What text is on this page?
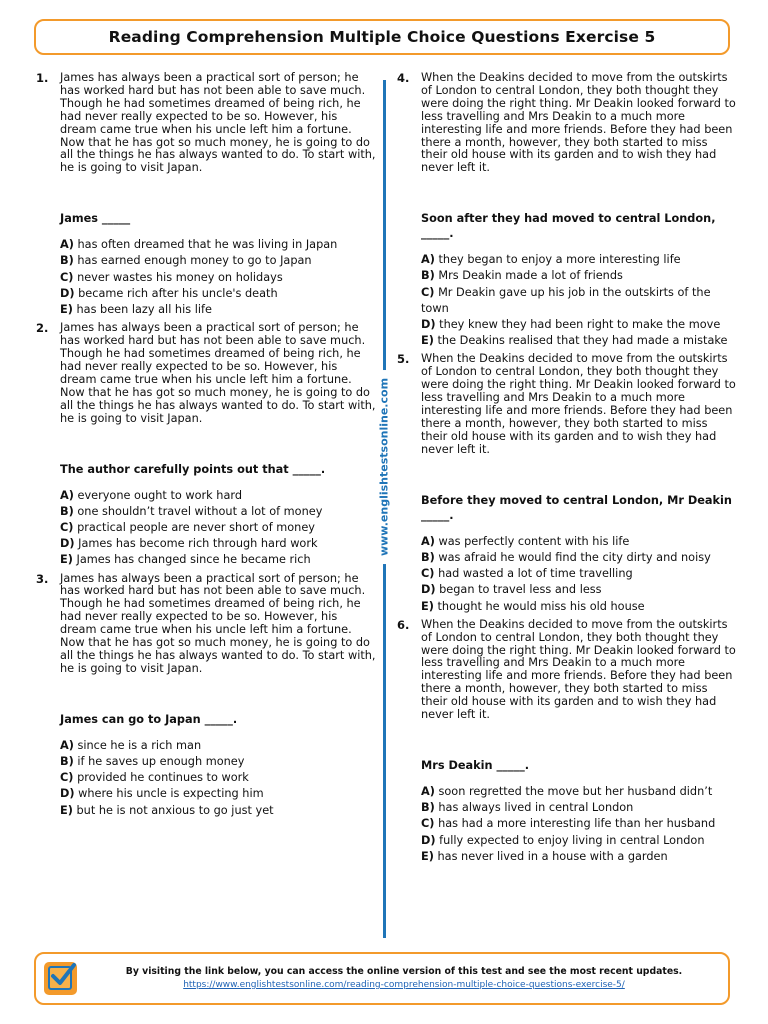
Reading Comprehension Multiple Choice Questions Exercise 5
www.englishtestsonline.com
1. James has always been a practical sort of person; he has worked hard but has not been able to save much. Though he had sometimes dreamed of being rich, he had never really expected to be so. However, his dream came true when his uncle left him a fortune. Now that he has got so much money, he is going to do all the things he has always wanted to do. To start with, he is going to visit Japan.

James _____

A) has often dreamed that he was living in Japan
B) has earned enough money to go to Japan
C) never wastes his money on holidays
D) became rich after his uncle's death
E) has been lazy all his life
2. James has always been a practical sort of person; he has worked hard but has not been able to save much. Though he had sometimes dreamed of being rich, he had never really expected to be so. However, his dream came true when his uncle left him a fortune. Now that he has got so much money, he is going to do all the things he has always wanted to do. To start with, he is going to visit Japan.

The author carefully points out that _____.

A) everyone ought to work hard
B) one shouldn’t travel without a lot of money
C) practical people are never short of money
D) James has become rich through hard work
E) James has changed since he became rich
3. James has always been a practical sort of person; he has worked hard but has not been able to save much. Though he had sometimes dreamed of being rich, he had never really expected to be so. However, his dream came true when his uncle left him a fortune. Now that he has got so much money, he is going to do all the things he has always wanted to do. To start with, he is going to visit Japan.

James can go to Japan _____.

A) since he is a rich man
B) if he saves up enough money
C) provided he continues to work
D) where his uncle is expecting him
E) but he is not anxious to go just yet
4. When the Deakins decided to move from the outskirts of London to central London, they both thought they were doing the right thing. Mr Deakin looked forward to less travelling and Mrs Deakin to a much more interesting life and more friends. Before they had been there a month, however, they both started to miss their old house with its garden and to wish they had never left it.

Soon after they had moved to central London, _____.

A) they began to enjoy a more interesting life
B) Mrs Deakin made a lot of friends
C) Mr Deakin gave up his job in the outskirts of the town
D) they knew they had been right to make the move
E) the Deakins realised that they had made a mistake
5. When the Deakins decided to move from the outskirts of London to central London, they both thought they were doing the right thing. Mr Deakin looked forward to less travelling and Mrs Deakin to a much more interesting life and more friends. Before they had been there a month, however, they both started to miss their old house with its garden and to wish they had never left it.

Before they moved to central London, Mr Deakin _____.

A) was perfectly content with his life
B) was afraid he would find the city dirty and noisy
C) had wasted a lot of time travelling
D) began to travel less and less
E) thought he would miss his old house
6. When the Deakins decided to move from the outskirts of London to central London, they both thought they were doing the right thing. Mr Deakin looked forward to less travelling and Mrs Deakin to a much more interesting life and more friends. Before they had been there a month, however, they both started to miss their old house with its garden and to wish they had never left it.

Mrs Deakin _____.

A) soon regretted the move but her husband didn’t
B) has always lived in central London
C) has had a more interesting life than her husband
D) fully expected to enjoy living in central London
E) has never lived in a house with a garden
By visiting the link below, you can access the online version of this test and see the most recent updates.
https://www.englishtestsonline.com/reading-comprehension-multiple-choice-questions-exercise-5/
